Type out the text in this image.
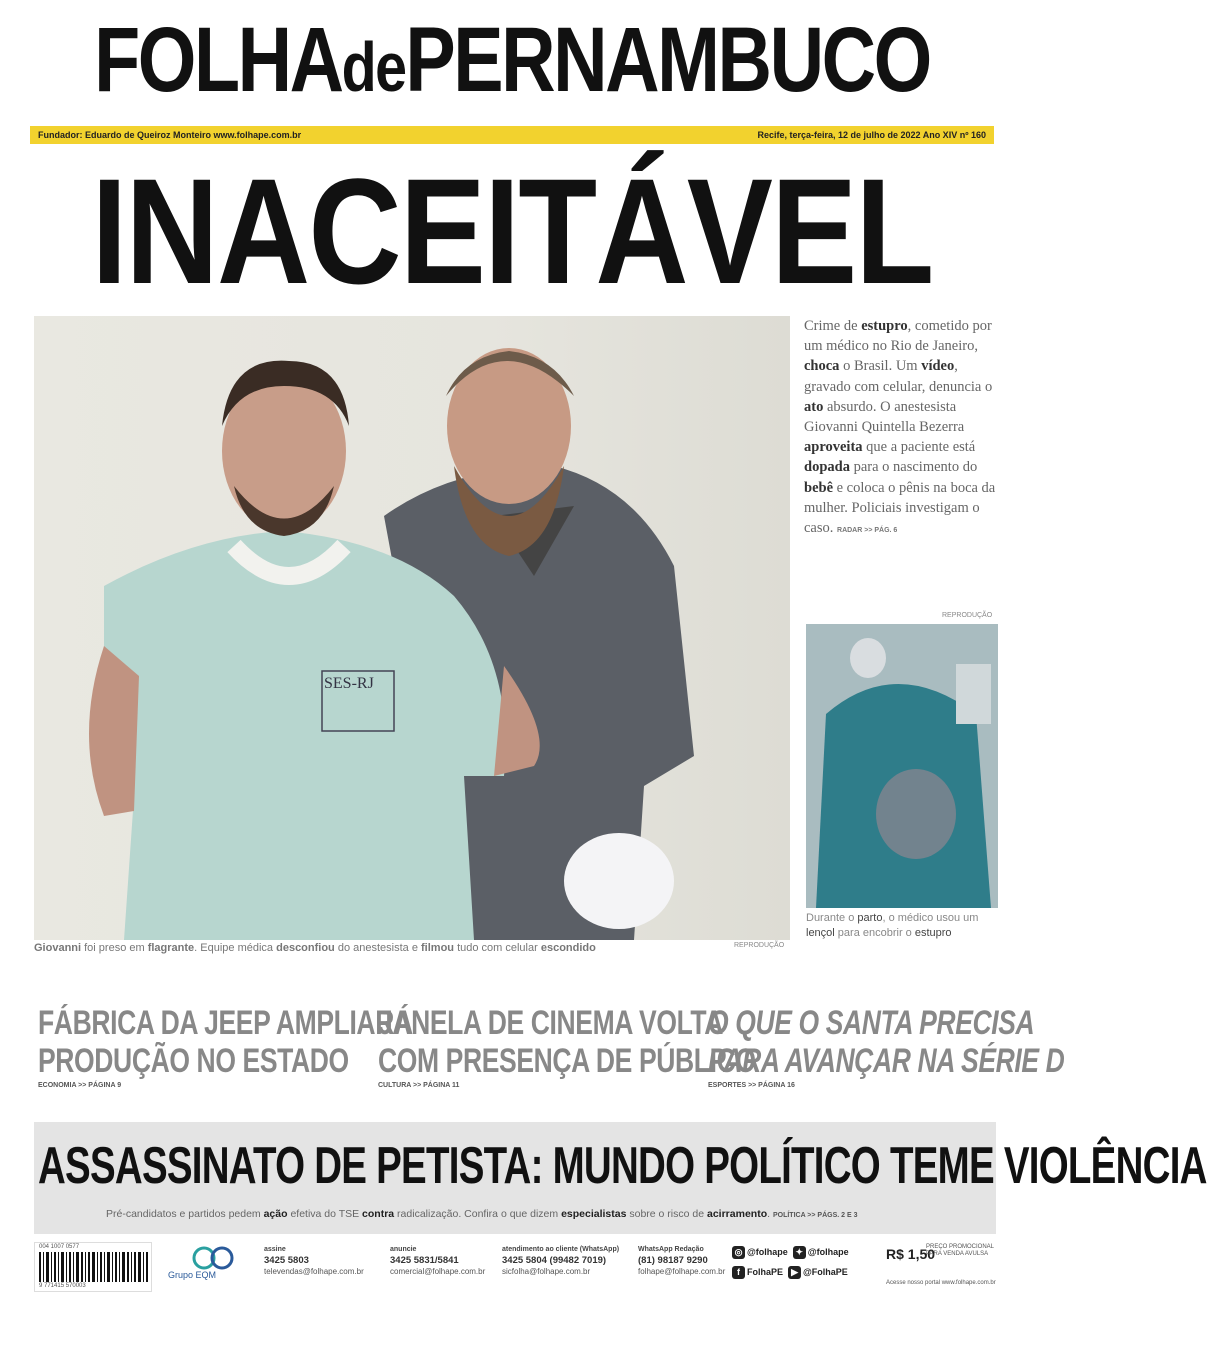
FOLHAdePERNAMBUCO
Fundador: Eduardo de Queiroz Monteiro www.folhape.com.br	Recife, terça-feira, 12 de julho de 2022 Ano XIV nº 160
INACEITÁVEL
SES-RJ
Giovanni foi preso em flagrante. Equipe médica desconfiou do anestesista e filmou tudo com celular escondido	REPRODUÇÃO
Crime de estupro, cometido por um médico no Rio de Janeiro, choca o Brasil. Um vídeo, gravado com celular, denuncia o ato absurdo. O anestesista Giovanni Quintella Bezerra aproveita que a paciente está dopada para o nascimento do bebê e coloca o pênis na boca da mulher. Policiais investigam o caso. RADAR >> PÁG. 6
REPRODUÇÃO
Durante o parto, o médico usou um lençol para encobrir o estupro
FÁBRICA DA JEEP AMPLIARÁ
PRODUÇÃO NO ESTADO
ECONOMIA >> PÁGINA 9
JANELA DE CINEMA VOLTA
COM PRESENÇA DE PÚBLICO
CULTURA >> PÁGINA 11
O QUE O SANTA PRECISA
PARA AVANÇAR NA SÉRIE D
ESPORTES >> PÁGINA 16
ASSASSINATO DE PETISTA: MUNDO POLÍTICO TEME VIOLÊNCIA
Pré-candidatos e partidos pedem ação efetiva do TSE contra radicalização. Confira o que dizem especialistas sobre o risco de acirramento. POLÍTICA >> PÁGS. 2 E 3
004 1007 0577
9 771415 570003
Grupo EQM
assine
3425 5803
televendas@folhape.com.br
anuncie
3425 5831/5841
comercial@folhape.com.br
atendimento ao cliente (WhatsApp)
3425 5804 (99482 7019)
sicfolha@folhape.com.br
WhatsApp Redação
(81) 98187 9290
folhape@folhape.com.br
◎ @folhape ✦ @folhape
f FolhaPE ▶ @FolhaPE
R$ 1,50
PREÇO PROMOCIONAL PARA VENDA AVULSA
Acesse nosso portal www.folhape.com.br
